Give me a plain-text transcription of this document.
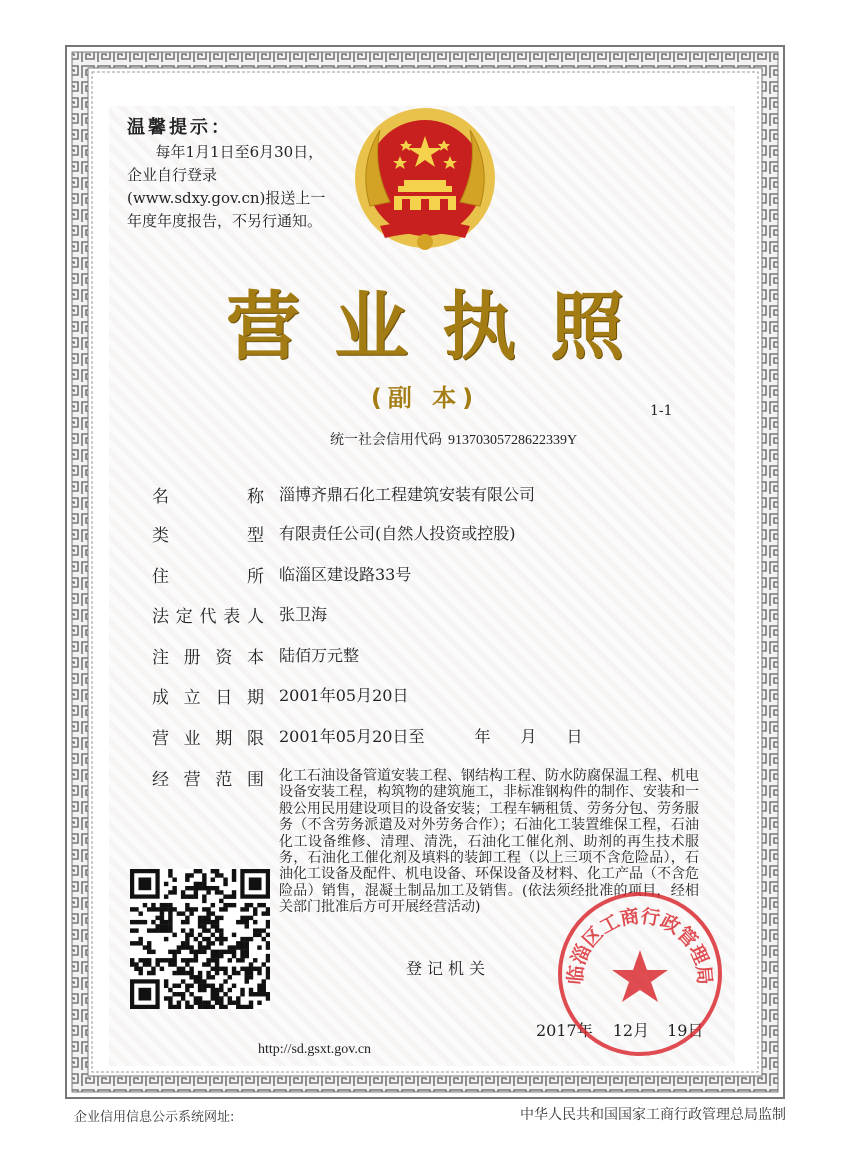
温馨提示：
每年1月1日至6月30日，企业自行登录(www.sdxy.gov.cn)报送上一年度年度报告，不另行通知。
营业执照
(副 本)	1-1
统一社会信用代码 91370305728622339Y
名	称 淄博齐鼎石化工程建筑安装有限公司
类	型 有限责任公司(自然人投资或控股)
住	所 临淄区建设路33号
法 定 代 表 人 张卫海
注 册 资 本 陆佰万元整
成 立 日 期 2001年05月20日
营 业 期 限 2001年05月20日至	年 月 日
经 营 范 围 化工石油设备管道安装工程、钢结构工程、防水防腐保温工程、机电设备安装工程，构筑物的建筑施工，非标准钢构件的制作、安装和一般公用民用建设项目的设备安装；工程车辆租赁、劳务分包、劳务服务（不含劳务派遣及对外劳务合作）；石油化工装置维保工程，石油化工设备维修、清理、清洗，石油化工催化剂、助剂的再生技术服务，石油化工催化剂及填料的装卸工程（以上三项不含危险品），石油化工设备及配件、机电设备、环保设备及材料、化工产品（不含危险品）销售，混凝土制品加工及销售。(依法须经批准的项目，经相关部门批准后方可开展经营活动)
登记机关
2017年 12月 19日
http://sd.gsxt.gov.cn
临淄区工商行政管理局
企业信用信息公示系统网址:	中华人民共和国国家工商行政管理总局监制
